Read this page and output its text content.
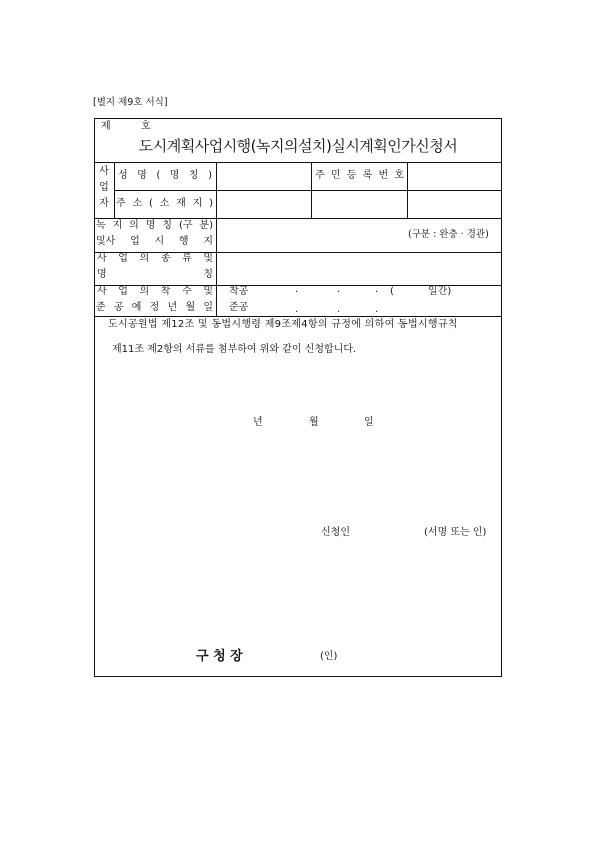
[별지 제9호 서식]
제	호
도시계획사업시행(녹지의설치)실시계획인가신청서
사
업
자
성 명 ( 명 칭 )	주 민 등 록 번 호
주 소 ( 소 재 지 )
녹 지 의 명 칭 (구 분)
및사 업 시 행 지
(구분 : 완충 · 경관)
사 업 의 종 류 및
명 칭
사 업 의 착 수 및
준 공 예 정 년 월 일
착공	.	.	. (	일간)
준공	.	.	.
도시공원법 제12조 및 동법시행령 제9조제4항의 규정에 의하여 동법시행규칙
제11조 제2항의 서류를 첨부하여 위와 같이 신청합니다.
년	월	일
신청인	(서명 또는 인)
구 청 장	(인)
